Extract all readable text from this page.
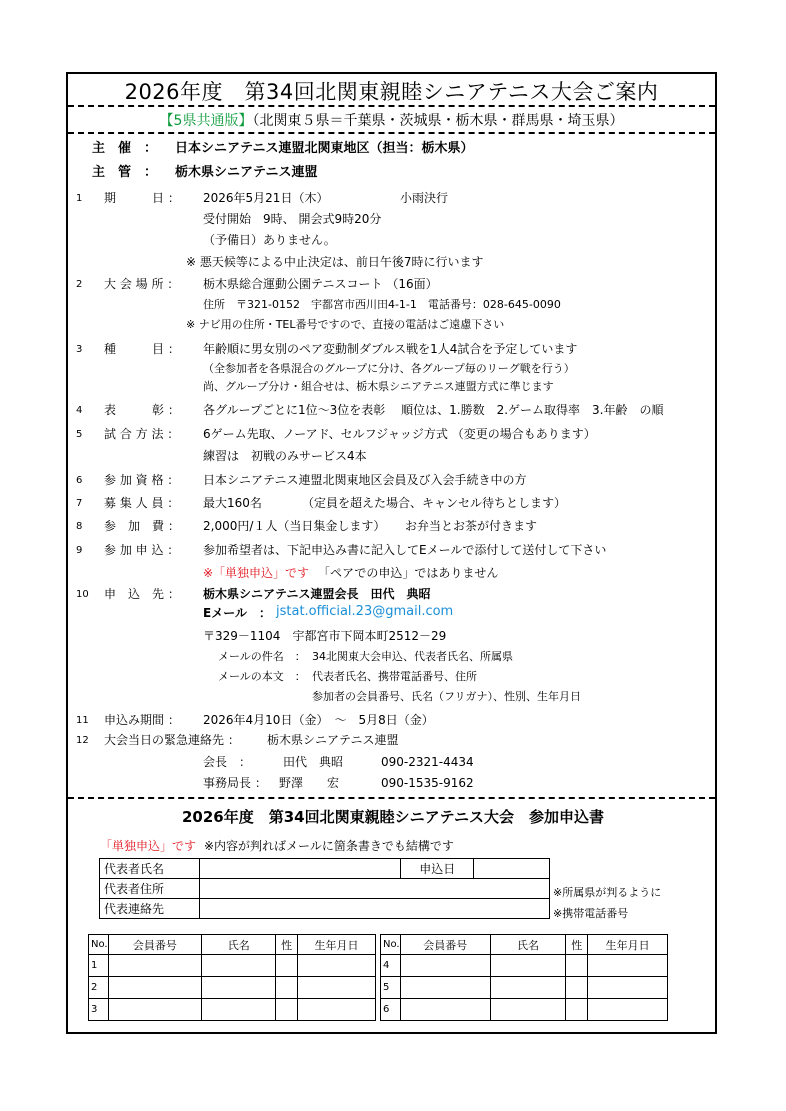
2026年度　第34回北関東親睦シニアテニス大会ご案内
【5県共通版】（北関東５県＝千葉県・茨城県・栃木県・群馬県・埼玉県）
主　催　： 日本シニアテニス連盟北関東地区（担当：栃木県）
主　管　： 栃木県シニアテニス連盟
1 期　　　日 ： 2026年5月21日（木）	小雨決行
受付開始　9時、 開会式9時20分
（予備日）ありません。
※ 悪天候等による中止決定は、前日午後7時に行います
2 大 会 場 所 ： 栃木県総合運動公園テニスコート （16面）
住所　〒321-0152　宇都宮市西川田4-1-1　電話番号：028-645-0090
※ ナビ用の住所・TEL番号ですので、直接の電話はご遠慮下さい
3 種　　　目 ： 年齢順に男女別のペア変動制ダブルス戦を1人4試合を予定しています
（全参加者を各県混合のグループに分け、各グループ毎のリーグ戦を行う）
尚、グループ分け・組合せは、栃木県シニアテニス連盟方式に準じます
4 表　　　彰 ： 各グループごとに1位～3位を表彰　 順位は、1.勝数　2.ゲーム取得率　3.年齢　の順
5 試 合 方 法 ： 6ゲーム先取、ノーアド、セルフジャッジ方式 （変更の場合もあります）
練習は　初戦のみサービス4本
6 参 加 資 格 ： 日本シニアテニス連盟北関東地区会員及び入会手続き中の方
7 募 集 人 員 ： 最大160名	（定員を超えた場合、キャンセル待ちとします）
8 参　加　費 ： 2,000円/１人（当日集金します） お弁当とお茶が付きます
9 参 加 申 込 ： 参加希望者は、下記申込み書に記入してEメールで添付して送付して下さい
※「単独申込」です 「ペアでの申込」ではありません
10 申　込　先 ： 栃木県シニアテニス連盟会長　田代　典昭
Eメール　： jstat.official.23@gmail.com
〒329－1104　宇都宮市下岡本町2512－29
メールの件名　： 34北関東大会申込、代表者氏名、所属県
メールの本文　： 代表者氏名、携帯電話番号、住所
参加者の会員番号、氏名（フリガナ）、性別、生年月日
11 申込み期間 ： 2026年4月10日（金）　～　5月8日（金）
12 大会当日の緊急連絡先 ： 栃木県シニアテニス連盟
会長　：	田代　典昭	090-2321-4434
事務局長 ： 野澤　　宏	090-1535-9162
2026年度　第34回北関東親睦シニアテニス大会　参加申込書
「単独申込」です ※内容が判ればメールに箇条書きでも結構です
代表者氏名		申込日	
代表者住所			
代表連絡先			
※所属県が判るように
※携帯電話番号
No.	会員番号	氏名	性	生年月日
1				
2				
3				
No.	会員番号	氏名	性	生年月日
4				
5				
6				
